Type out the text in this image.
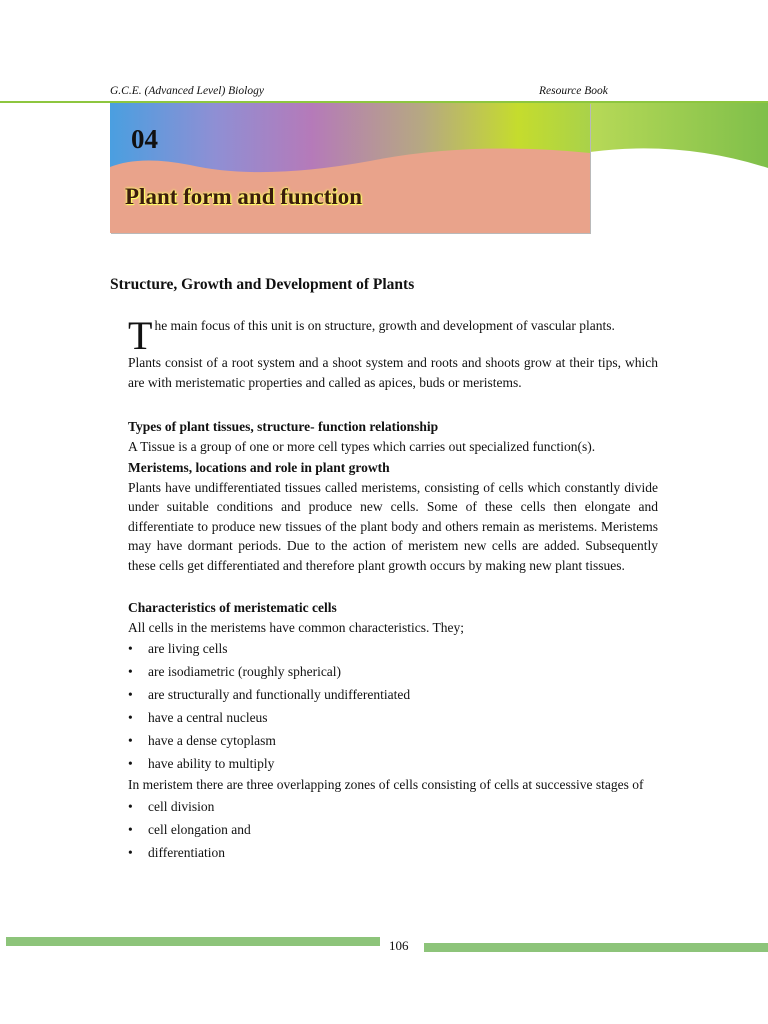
G.C.E. (Advanced Level) Biology	Resource Book
04
Plant form and function
Structure, Growth and Development of Plants

The main focus of this unit is on structure, growth and development of vascular plants.

Plants consist of a root system and a shoot system and roots and shoots grow at their tips, which are with meristematic properties and called as apices, buds or meristems.

Types of plant tissues, structure- function relationship

A Tissue is a group of one or more cell types which carries out specialized function(s).

Meristems, locations and role in plant growth

Plants have undifferentiated tissues called meristems, consisting of cells which constantly divide under suitable conditions and produce new cells. Some of these cells then elongate and differentiate to produce new tissues of the plant body and others remain as meristems. Meristems may have dormant periods. Due to the action of meristem new cells are added. Subsequently these cells get differentiated and therefore plant growth occurs by making new plant tissues.

Characteristics of meristematic cells

All cells in the meristems have common characteristics. They;

• are living cells
• are isodiametric (roughly spherical)
• are structurally and functionally undifferentiated
• have a central nucleus
• have a dense cytoplasm
• have ability to multiply

In meristem there are three overlapping zones of cells consisting of cells at successive stages of

• cell division
• cell elongation and
• differentiation
106
